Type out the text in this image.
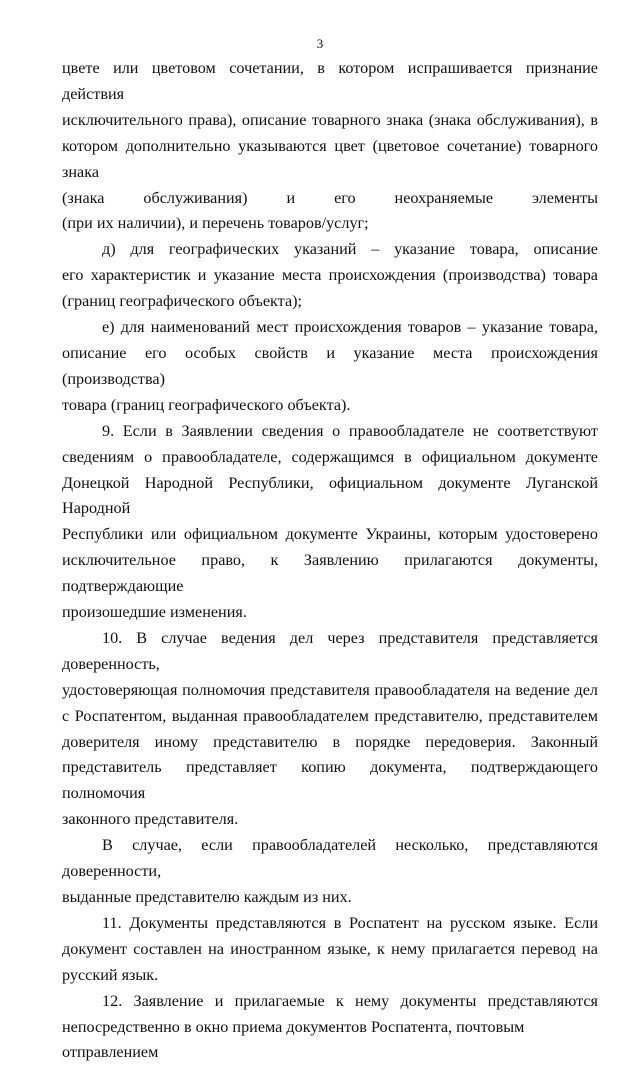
3
цвете или цветовом сочетании, в котором испрашивается признание действия
исключительного права), описание товарного знака (знака обслуживания), в
котором дополнительно указываются цвет (цветовое сочетание) товарного знака
(знака обслуживания) и его неохраняемые элементы
(при их наличии), и перечень товаров/услуг;
д) для географических указаний – указание товара, описание
его характеристик и указание места происхождения (производства) товара
(границ географического объекта);
е) для наименований мест происхождения товаров – указание товара,
описание его особых свойств и указание места происхождения (производства)
товара (границ географического объекта).
9. Если в Заявлении сведения о правообладателе не соответствуют
сведениям о правообладателе, содержащимся в официальном документе
Донецкой Народной Республики, официальном документе Луганской Народной
Республики или официальном документе Украины, которым удостоверено
исключительное право, к Заявлению прилагаются документы, подтверждающие
произошедшие изменения.
10. В случае ведения дел через представителя представляется доверенность,
удостоверяющая полномочия представителя правообладателя на ведение дел
с Роспатентом, выданная правообладателем представителю, представителем
доверителя иному представителю в порядке передоверия. Законный
представитель представляет копию документа, подтверждающего полномочия
законного представителя.
В случае, если правообладателей несколько, представляются доверенности,
выданные представителю каждым из них.
11. Документы представляются в Роспатент на русском языке. Если
документ составлен на иностранном языке, к нему прилагается перевод на
русский язык.
12. Заявление и прилагаемые к нему документы представляются
непосредственно в окно приема документов Роспатента, почтовым отправлением
